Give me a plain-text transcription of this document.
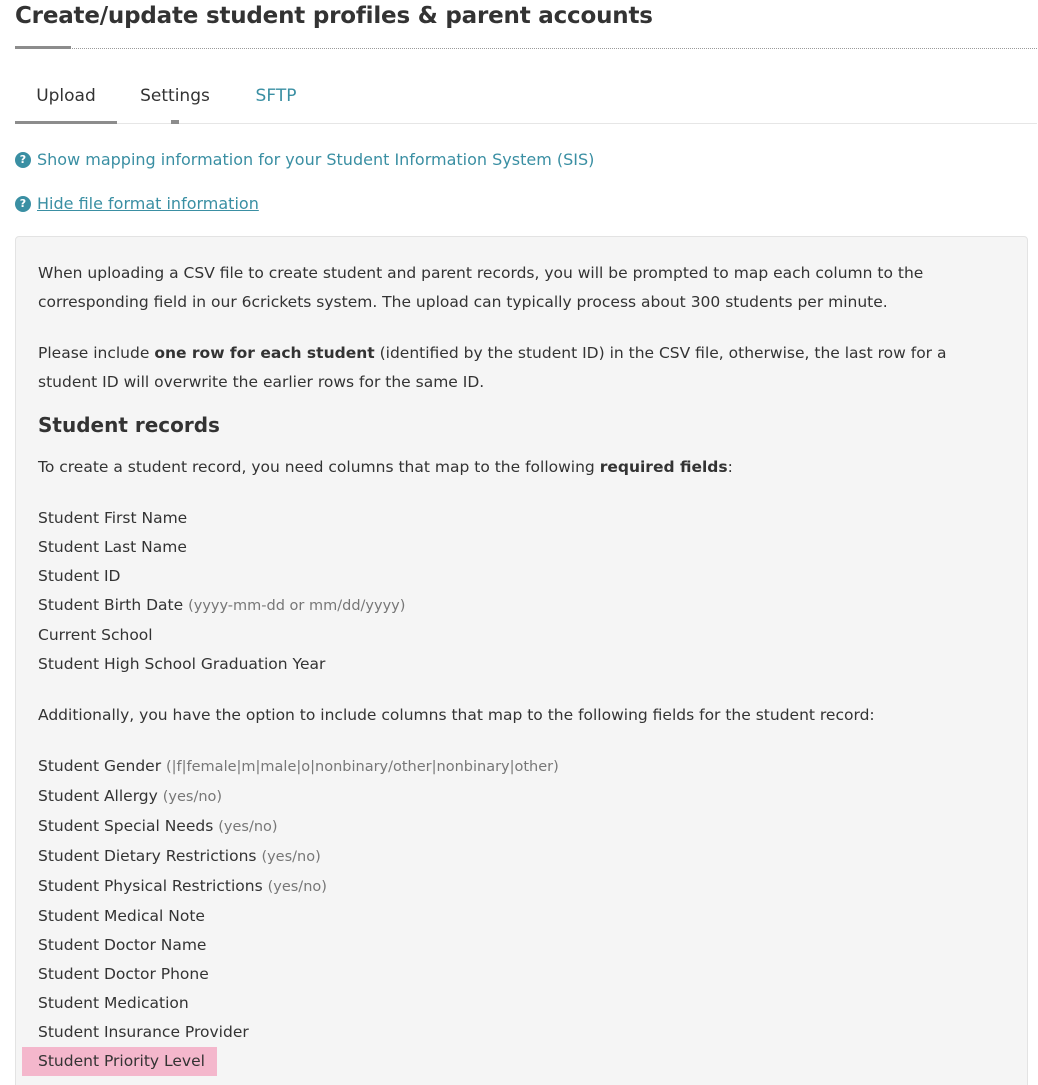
Create/update student profiles & parent accounts
Upload	Settings	SFTP
? Show mapping information for your Student Information System (SIS)
? Hide file format information

When uploading a CSV file to create student and parent records, you will be prompted to map each column to the corresponding field in our 6crickets system. The upload can typically process about 300 students per minute.

Please include one row for each student (identified by the student ID) in the CSV file, otherwise, the last row for a student ID will overwrite the earlier rows for the same ID.

Student records

To create a student record, you need columns that map to the following required fields:

Student First Name
Student Last Name
Student ID
Student Birth Date (yyyy-mm-dd or mm/dd/yyyy)
Current School
Student High School Graduation Year

Additionally, you have the option to include columns that map to the following fields for the student record:

Student Gender (|f|female|m|male|o|nonbinary/other|nonbinary|other)
Student Allergy (yes/no)
Student Special Needs (yes/no)
Student Dietary Restrictions (yes/no)
Student Physical Restrictions (yes/no)
Student Medical Note
Student Doctor Name
Student Doctor Phone
Student Medication
Student Insurance Provider
Student Priority Level
